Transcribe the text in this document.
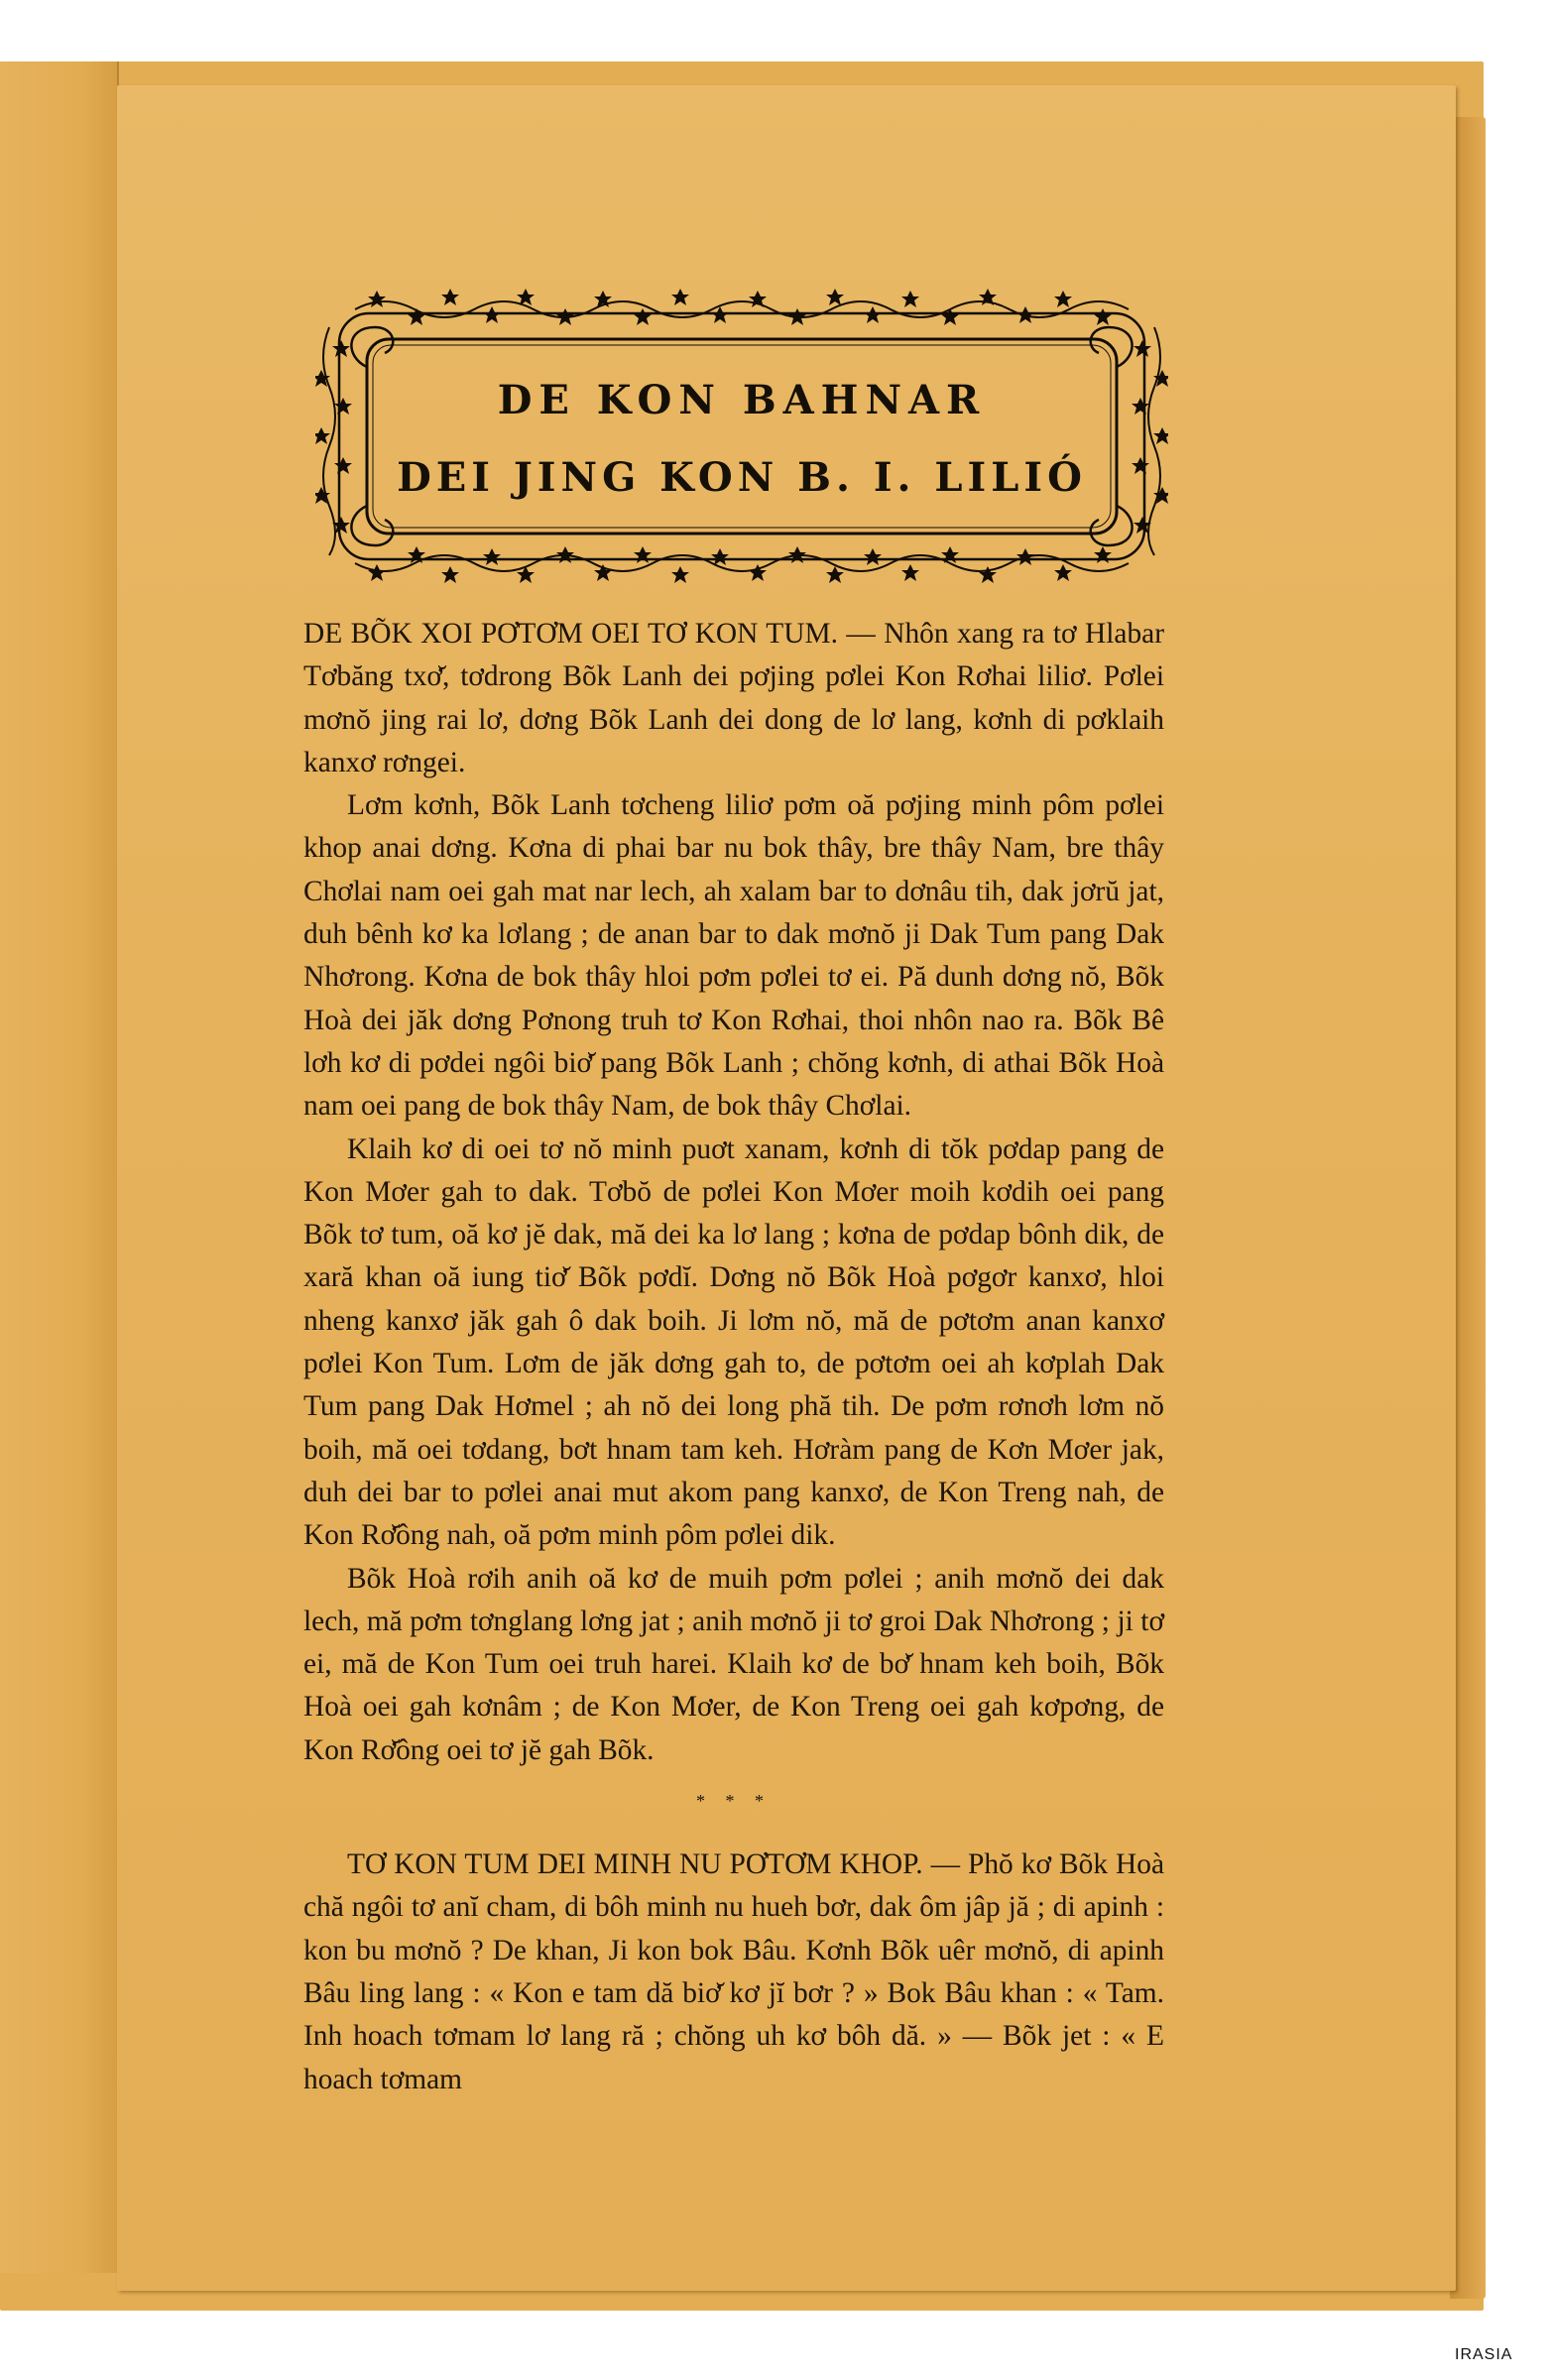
DE KON BAHNAR
DEI JING KON B. I. LILIÓ

DE BÕK XOI PƠTƠM OEI TƠ KON TUM. — Nhôn xang ra tơ Hlabar Tơbăng txơ̆, tơdrong Bõk Lanh dei pơjing pơlei Kon Rơhai liliơ. Pơlei mơnŏ jing rai lơ, dơng Bõk Lanh dei dong de lơ lang, kơnh di pơklaih kanxơ rơngei.

Lơm kơnh, Bõk Lanh tơcheng liliơ pơm oă pơjing minh pôm pơlei khop anai dơng. Kơna di phai bar nu bok thây, bre thây Nam, bre thây Chơlai nam oei gah mat nar lech, ah xalam bar to dơnâu tih, dak jơrŭ jat, duh bênh kơ ka lơlang ; de anan bar to dak mơnŏ ji Dak Tum pang Dak Nhơrong. Kơna de bok thây hloi pơm pơlei tơ ei. Pă dunh dơng nŏ, Bõk Hoà dei jăk dơng Pơnong truh tơ Kon Rơhai, thoi nhôn nao ra. Bõk Bê lơh kơ di pơdei ngôi biơ̆ pang Bõk Lanh ; chŏng kơnh, di athai Bõk Hoà nam oei pang de bok thây Nam, de bok thây Chơlai.

Klaih kơ di oei tơ nŏ minh puơt xanam, kơnh di tŏk pơdap pang de Kon Mơer gah to dak. Tơbŏ de pơlei Kon Mơer moih kơdih oei pang Bõk tơ tum, oă kơ jĕ dak, mă dei ka lơ lang ; kơna de pơdap bônh dik, de xară khan oă iung tiơ̆ Bõk pơdĭ. Dơng nŏ Bõk Hoà pơgơr kanxơ, hloi nheng kanxơ jăk gah ô dak boih. Ji lơm nŏ, mă de pơtơm anan kanxơ pơlei Kon Tum. Lơm de jăk dơng gah to, de pơtơm oei ah kơplah Dak Tum pang Dak Hơmel ; ah nŏ dei long phă tih. De pơm rơnơh lơm nŏ boih, mă oei tơdang, bơt hnam tam keh. Hơràm pang de Kơn Mơer jak, duh dei bar to pơlei anai mut akom pang kanxơ, de Kon Treng nah, de Kon Rơ̆ông nah, oă pơm minh pôm pơlei dik.

Bõk Hoà rơih anih oă kơ de muih pơm pơlei ; anih mơnŏ dei dak lech, mă pơm tơnglang lơng jat ; anih mơnŏ ji tơ groi Dak Nhơrong ; ji tơ ei, mă de Kon Tum oei truh harei. Klaih kơ de bơ̆ hnam keh boih, Bõk Hoà oei gah kơnâm ; de Kon Mơer, de Kon Treng oei gah kơpơng, de Kon Rơ̆ông oei tơ jĕ gah Bõk.

* * *

TƠ KON TUM DEI MINH NU PƠTƠM KHOP. — Phŏ kơ Bõk Hoà chă ngôi tơ anĭ cham, di bôh minh nu hueh bơr, dak ôm jâp jă ; di apinh : kon bu mơnŏ ? De khan, Ji kon bok Bâu. Kơnh Bõk uêr mơnŏ, di apinh Bâu ling lang : « Kon e tam dă biơ̆ kơ jĭ bơr ? » Bok Bâu khan : « Tam. Inh hoach tơmam lơ lang ră ; chŏng uh kơ bôh dă. » — Bõk jet : « E hoach tơmam

IRASIA
